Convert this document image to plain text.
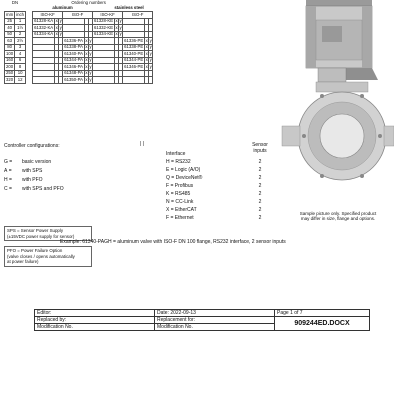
DN			Ordering numbers											
			aluminum						stainless steel					
mm	inch		ISO-KF			ISO-F			ISO-KF			ISO-F		
25	1		61328-KA	x	y				61328-KE	x	y			
40	1½		61332-KA	x	y				61332-KE	x	y			
50	2		61334-KA	x	y				61334-KE	x	y			
63	2½					61336-PA	x	y				61336-PE	x	y
80	3					61338-PA	x	y				61338-PE	x	y
100	4					61340-PA	x	y				61340-PE	x	y
160	6					61344-PA	x	y				61344-PE	x	y
200	8					61346-PA	x	y				61346-PE	x	y
250	10					61348-PA	x	y						
320	12					61350-PA	x	y						
Controller configurations:	| |
Interface
Sensor
inputs
G = basic version
A = with SPS
H = with PFO
C = with SPS and PFO
H = RS232	2
E = Logic (A/O)	2
Q = DeviceNet®	2
F = Profibus	2
K = RS485	2
N = CC-Link	2
X = EtherCAT	2
F = Ethernet	2
SPS = Sensor Power Supply
(±15VDC power supply for sensor)
PFO = Power Failure Option
(valve closes / opens automatically
at power failure)
Sample picture only. Specified product
may differ in size, flange and options.
Example: 61340-PAGH = aluminum valve with ISO-F DN 100 flange, RS232 interface, 2 sensor inputs
Editor:	Date: 2022-09-13	Page 1 of 7
Replaced by:	Replacement for:	909244ED.DOCX
Modification No.	Modification No.	
